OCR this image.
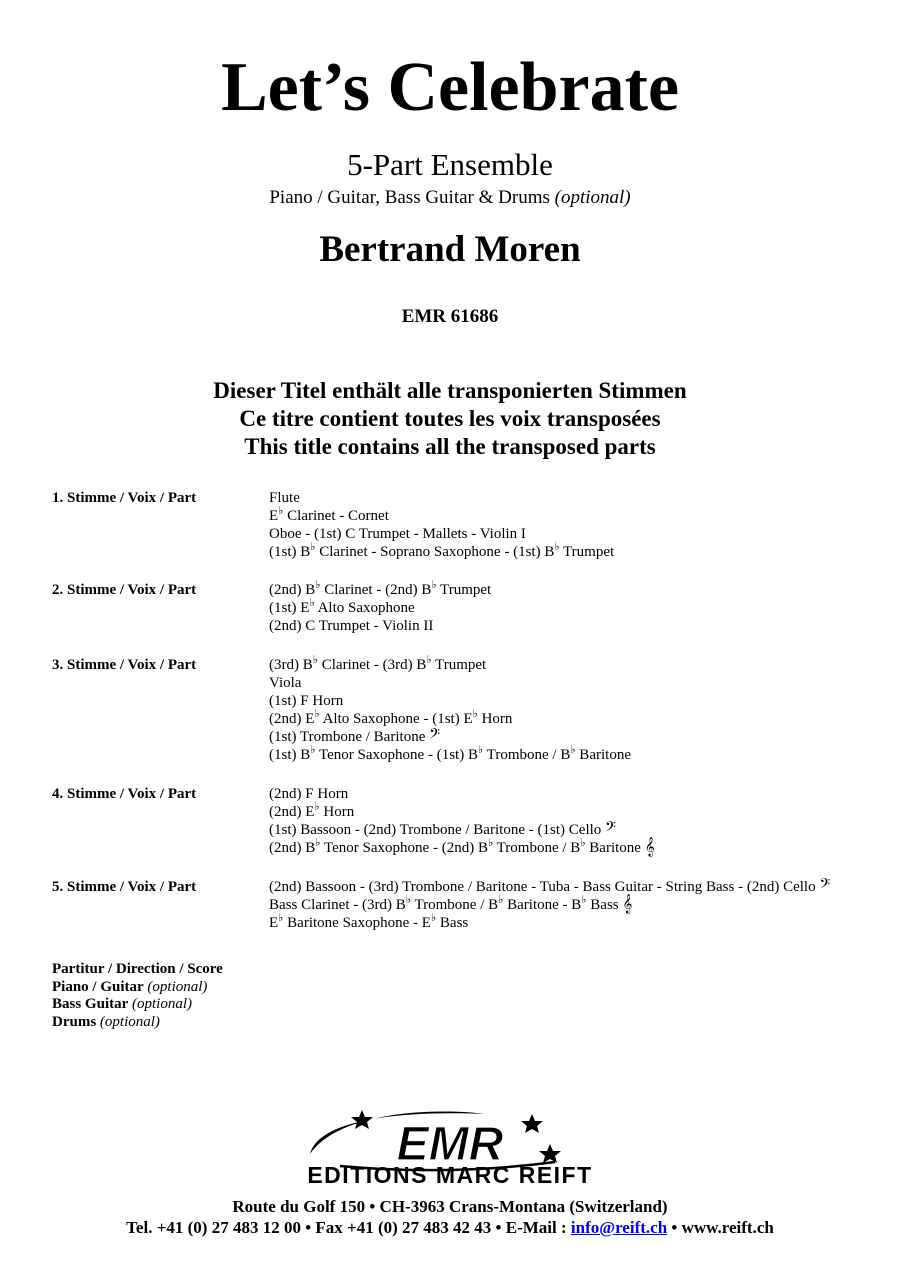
Let’s Celebrate
5-Part Ensemble
Piano / Guitar, Bass Guitar & Drums (optional)
Bertrand Moren
EMR 61686
Dieser Titel enthält alle transponierten Stimmen
Ce titre contient toutes les voix transposées
This title contains all the transposed parts
1. Stimme / Voix / Part	Flute
E♭ Clarinet - Cornet
Oboe - (1st) C Trumpet - Mallets - Violin I
(1st) B♭ Clarinet - Soprano Saxophone - (1st) B♭ Trumpet
2. Stimme / Voix / Part	(2nd) B♭ Clarinet - (2nd) B♭ Trumpet
(1st) E♭ Alto Saxophone
(2nd) C Trumpet - Violin II
3. Stimme / Voix / Part	(3rd) B♭ Clarinet - (3rd) B♭ Trumpet
Viola
(1st) F Horn
(2nd) E♭ Alto Saxophone - (1st) E♭ Horn
(1st) Trombone / Baritone 𝄢
(1st) B♭ Tenor Saxophone - (1st) B♭ Trombone / B♭ Baritone
4. Stimme / Voix / Part	(2nd) F Horn
(2nd) E♭ Horn
(1st) Bassoon - (2nd) Trombone / Baritone - (1st) Cello 𝄢
(2nd) B♭ Tenor Saxophone - (2nd) B♭ Trombone / B♭ Baritone 𝄞
5. Stimme / Voix / Part	(2nd) Bassoon - (3rd) Trombone / Baritone - Tuba - Bass Guitar - String Bass - (2nd) Cello 𝄢
Bass Clarinet - (3rd) B♭ Trombone / B♭ Baritone - B♭ Bass 𝄞
E♭ Baritone Saxophone - E♭ Bass
Partitur / Direction / Score
Piano / Guitar (optional)
Bass Guitar (optional)
Drums (optional)
EMR
EDITIONS MARC REIFT
Route du Golf 150 • CH-3963 Crans-Montana (Switzerland)
Tel. +41 (0) 27 483 12 00 • Fax +41 (0) 27 483 42 43 • E-Mail : info@reift.ch • www.reift.ch
